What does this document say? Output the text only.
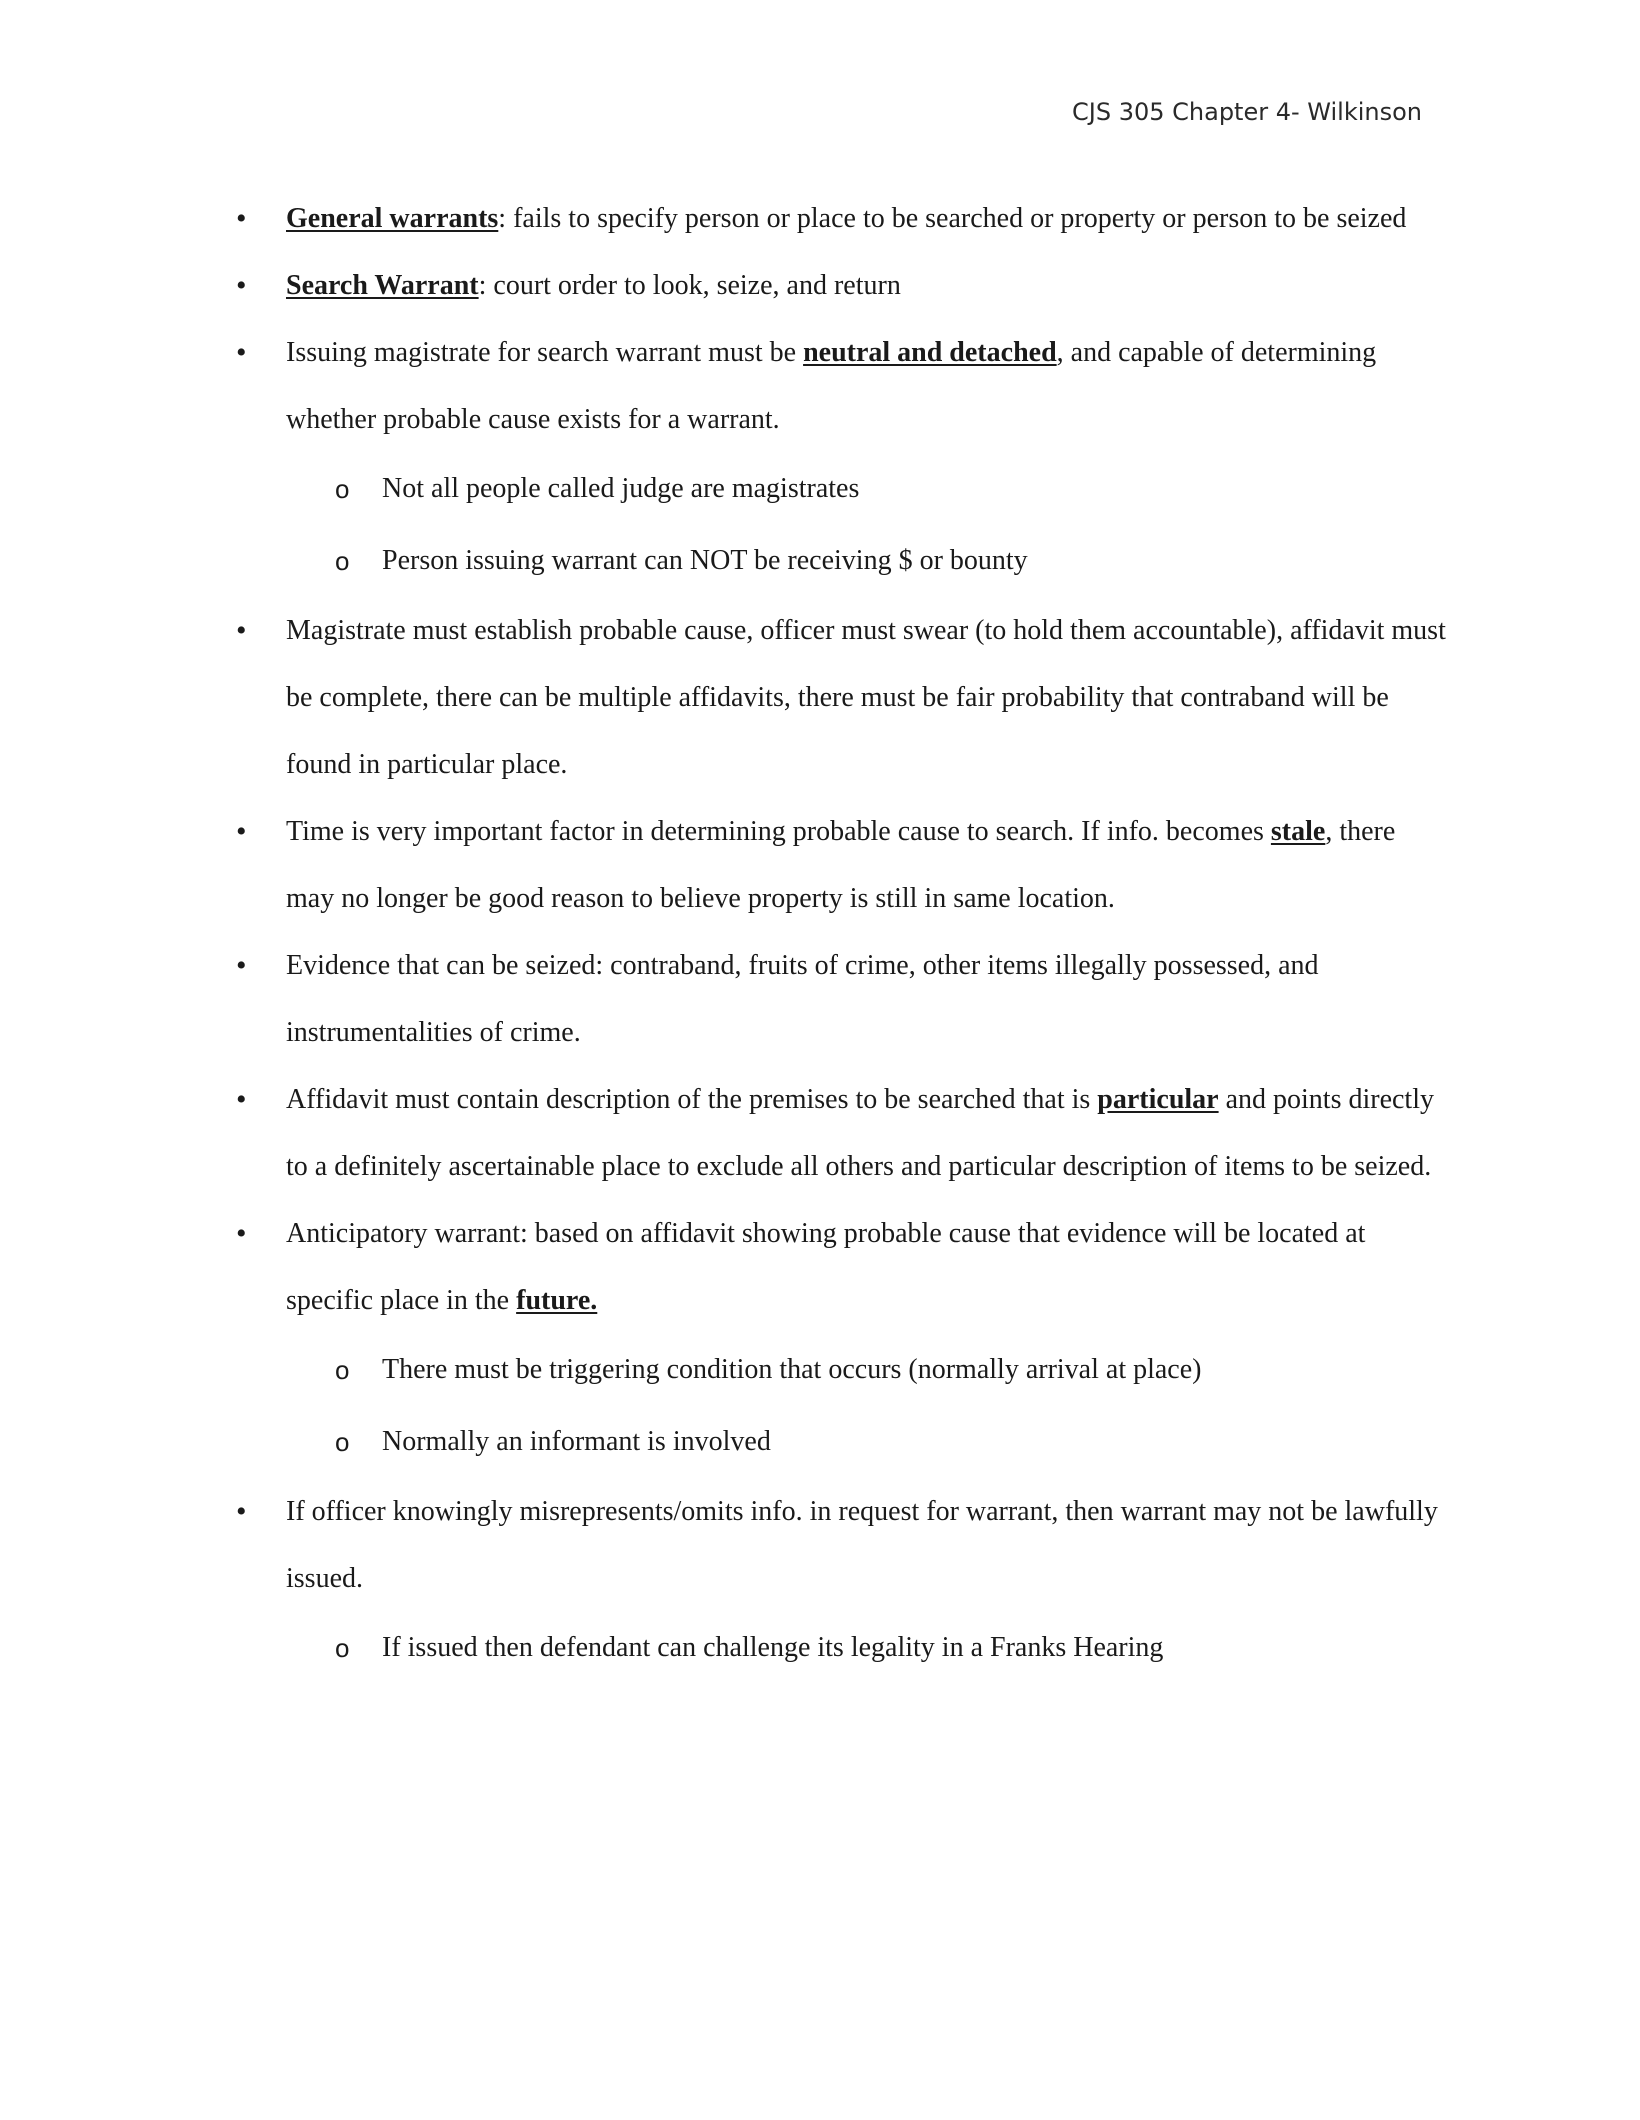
CJS 305 Chapter 4- Wilkinson
• General warrants: fails to specify person or place to be searched or property or person to be seized
• Search Warrant: court order to look, seize, and return
• Issuing magistrate for search warrant must be neutral and detached, and capable of determining whether probable cause exists for a warrant.
o Not all people called judge are magistrates
o Person issuing warrant can NOT be receiving $ or bounty
• Magistrate must establish probable cause, officer must swear (to hold them accountable), affidavit must be complete, there can be multiple affidavits, there must be fair probability that contraband will be found in particular place.
• Time is very important factor in determining probable cause to search. If info. becomes stale, there may no longer be good reason to believe property is still in same location.
• Evidence that can be seized: contraband, fruits of crime, other items illegally possessed, and instrumentalities of crime.
• Affidavit must contain description of the premises to be searched that is particular and points directly to a definitely ascertainable place to exclude all others and particular description of items to be seized.
• Anticipatory warrant: based on affidavit showing probable cause that evidence will be located at specific place in the future.
o There must be triggering condition that occurs (normally arrival at place)
o Normally an informant is involved
• If officer knowingly misrepresents/omits info. in request for warrant, then warrant may not be lawfully issued.
o If issued then defendant can challenge its legality in a Franks Hearing
